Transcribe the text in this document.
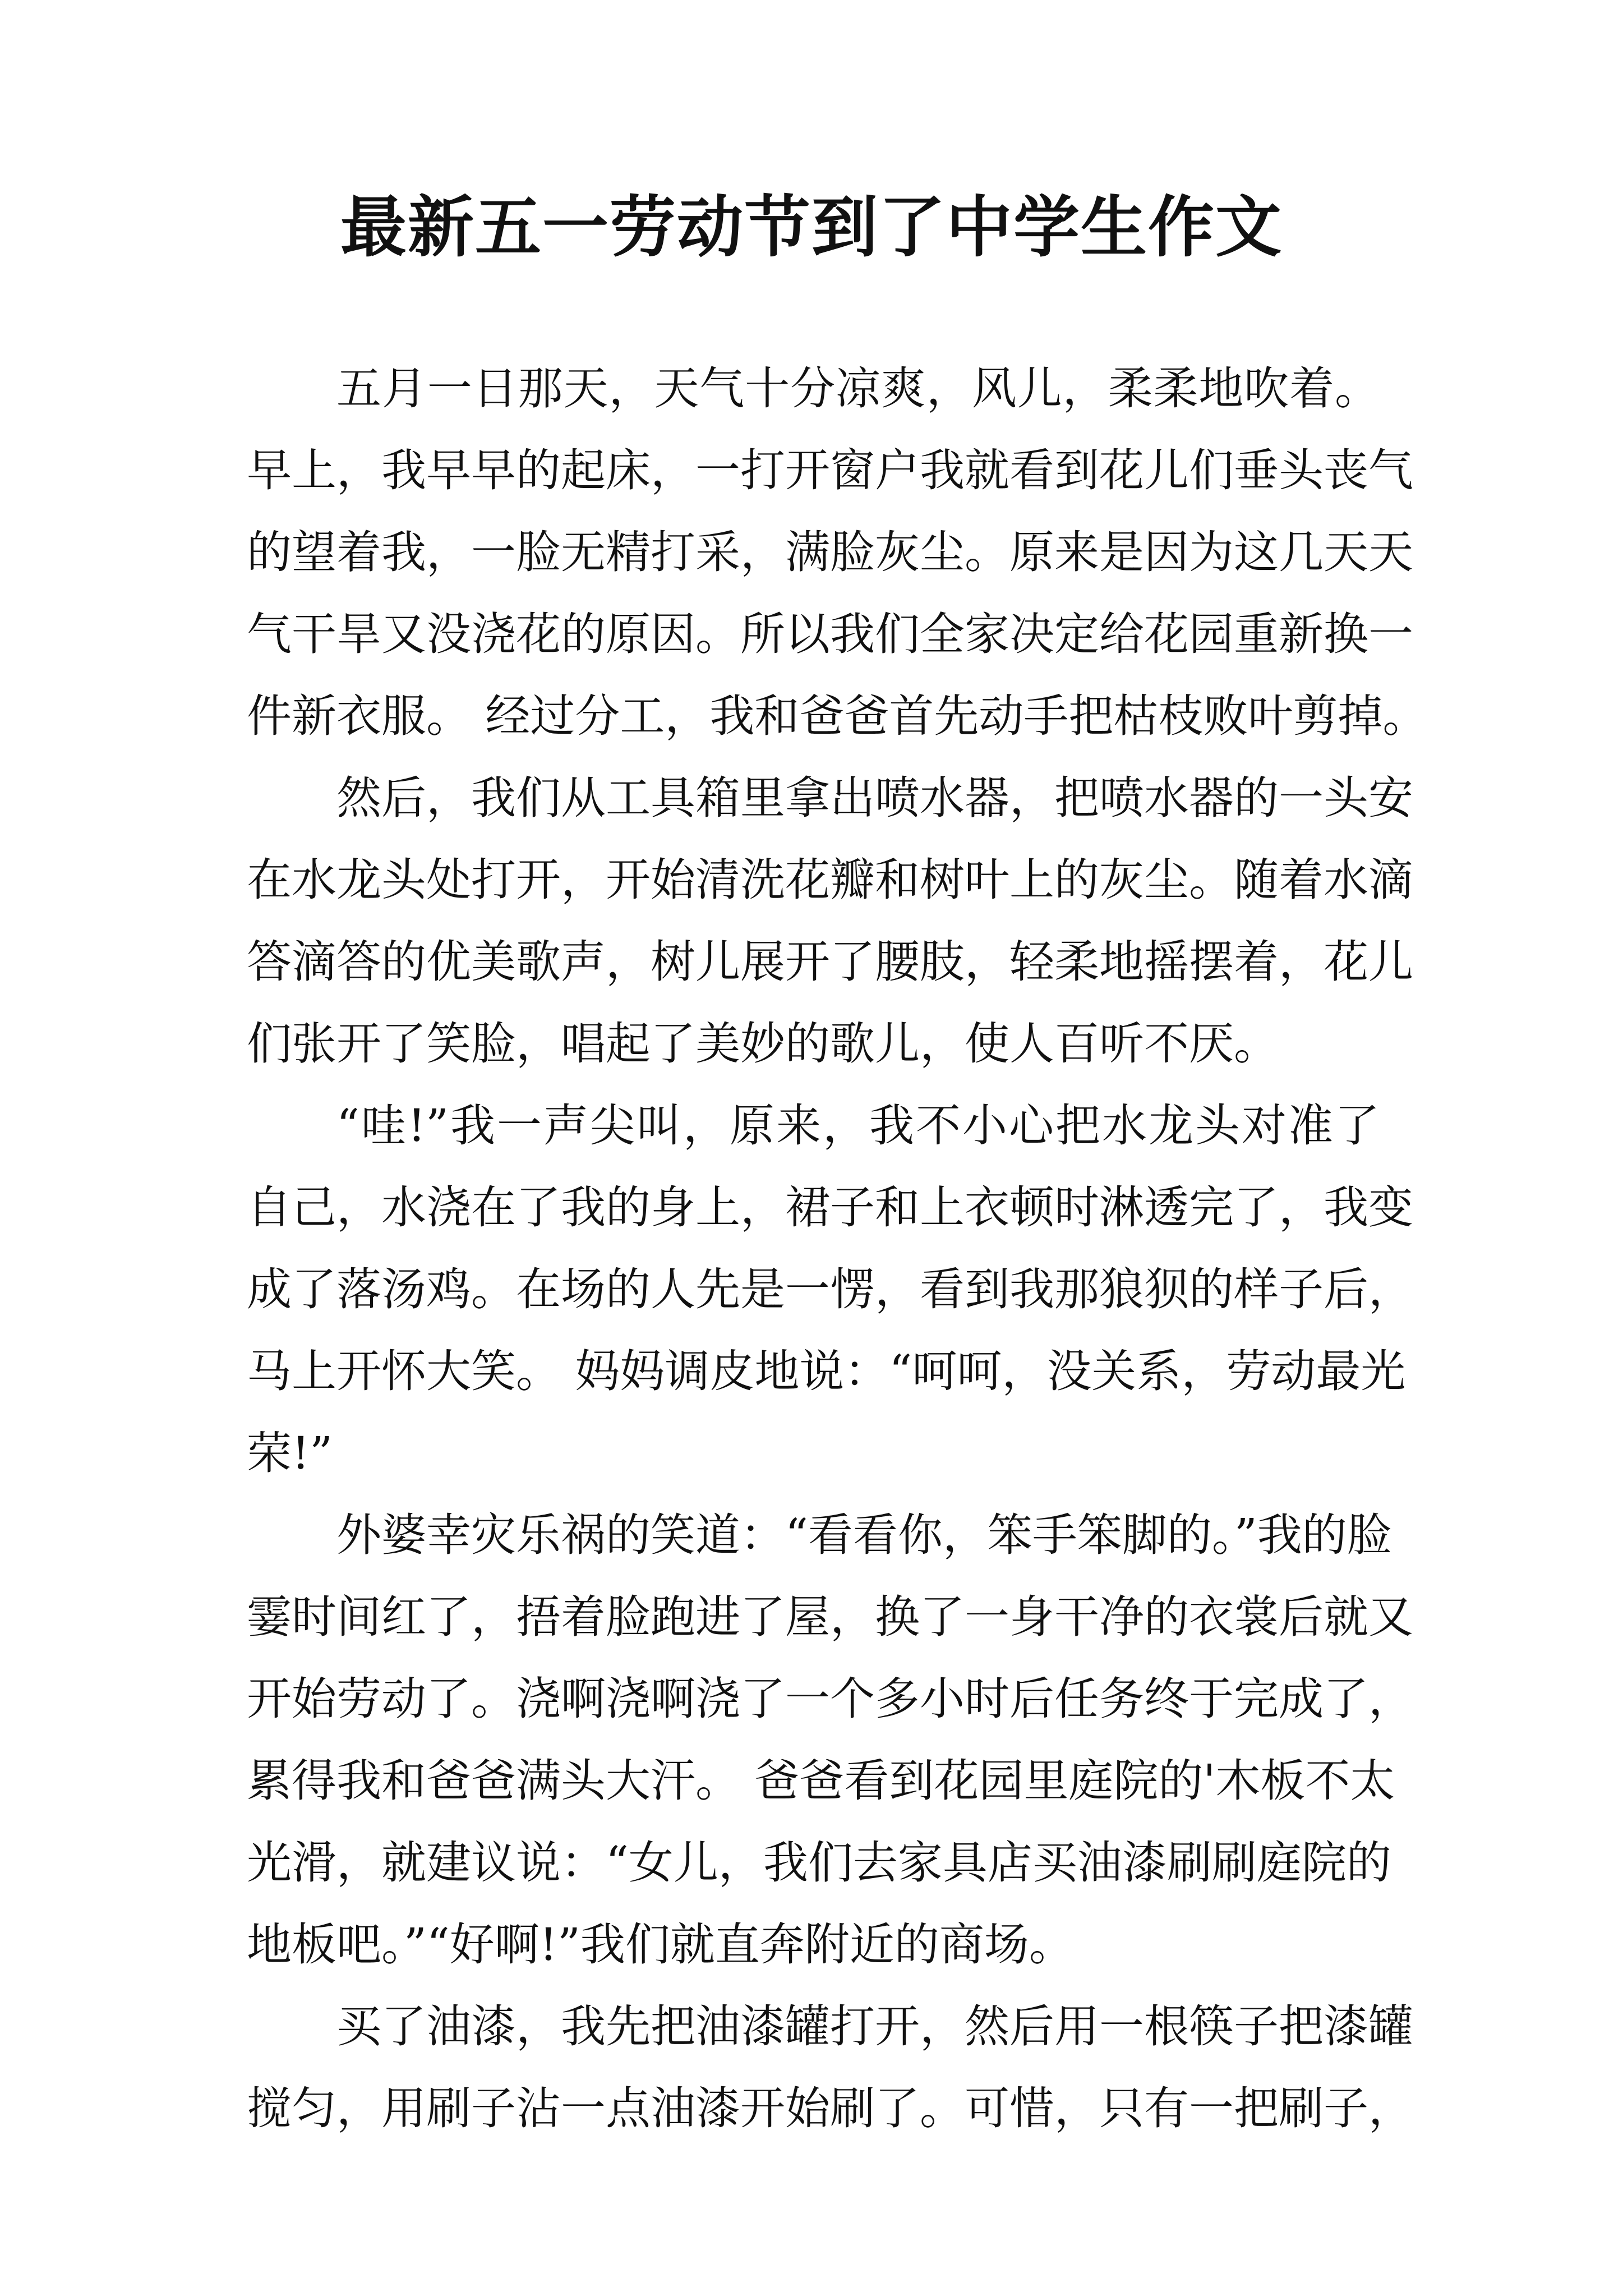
最新五一劳动节到了中学生作文
五月一日那天，天气十分凉爽，风儿，柔柔地吹着。
早上，我早早的起床，一打开窗户我就看到花儿们垂头丧气
的望着我，一脸无精打采，满脸灰尘。原来是因为这几天天
气干旱又没浇花的原因。所以我们全家决定给花园重新换一
件新衣服。 经过分工，我和爸爸首先动手把枯枝败叶剪掉。
然后，我们从工具箱里拿出喷水器，把喷水器的一头安
在水龙头处打开，开始清洗花瓣和树叶上的灰尘。随着水滴
答滴答的优美歌声，树儿展开了腰肢，轻柔地摇摆着，花儿
们张开了笑脸，唱起了美妙的歌儿，使人百听不厌。
“哇!”我一声尖叫，原来，我不小心把水龙头对准了
自己，水浇在了我的身上，裙子和上衣顿时淋透完了，我变
成了落汤鸡。在场的人先是一愣，看到我那狼狈的样子后，
马上开怀大笑。 妈妈调皮地说：“呵呵，没关系，劳动最光
荣!”
外婆幸灾乐祸的笑道：“看看你，笨手笨脚的。”我的脸
霎时间红了，捂着脸跑进了屋，换了一身干净的衣裳后就又
开始劳动了。浇啊浇啊浇了一个多小时后任务终于完成了，
累得我和爸爸满头大汗。 爸爸看到花园里庭院的'木板不太
光滑，就建议说：“女儿，我们去家具店买油漆刷刷庭院的
地板吧。”“好啊!”我们就直奔附近的商场。
买了油漆，我先把油漆罐打开，然后用一根筷子把漆罐
搅匀，用刷子沾一点油漆开始刷了。可惜，只有一把刷子，
